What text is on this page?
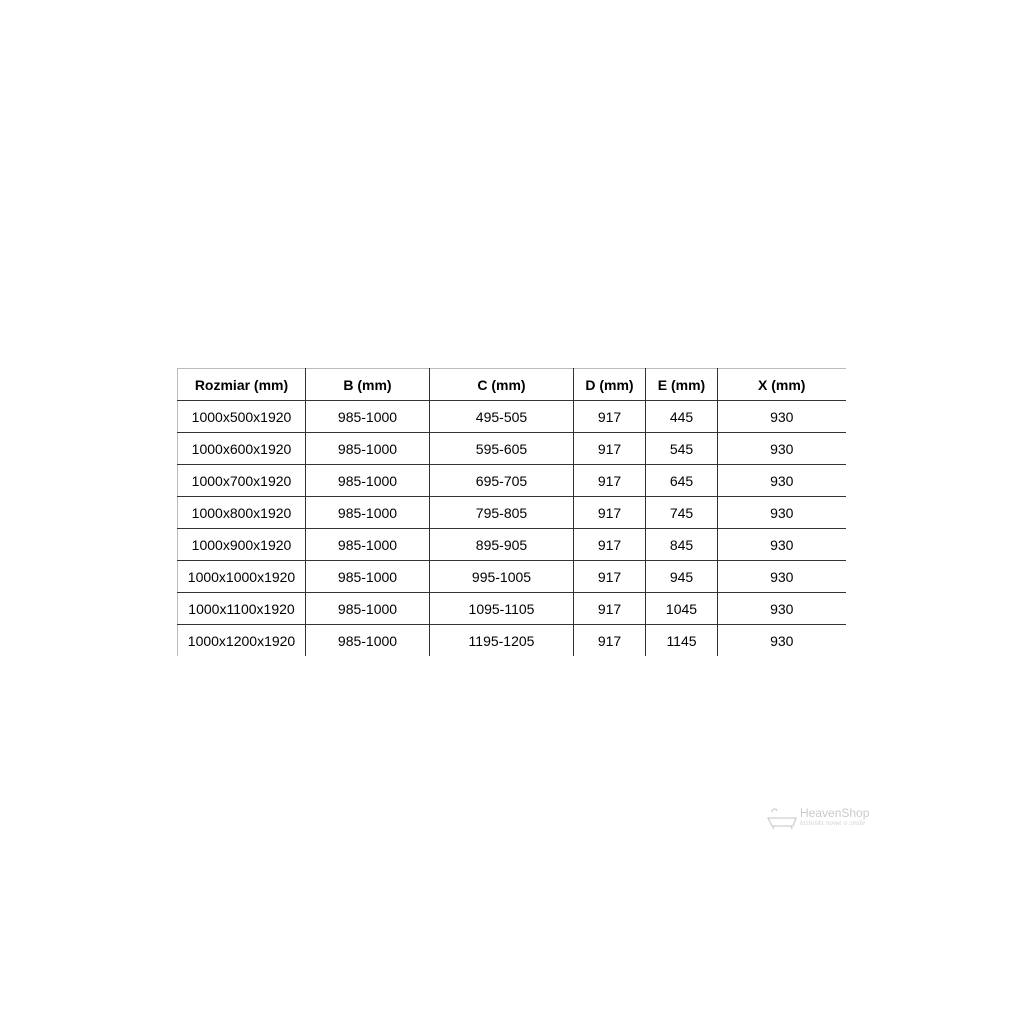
Rozmiar (mm)	B (mm)	C (mm)	D (mm)	E (mm)	X (mm)
1000x500x1920	985-1000	495-505	917	445	930
1000x600x1920	985-1000	595-605	917	545	930
1000x700x1920	985-1000	695-705	917	645	930
1000x800x1920	985-1000	795-805	917	745	930
1000x900x1920	985-1000	895-905	917	845	930
1000x1000x1920	985-1000	995-1005	917	945	930
1000x1100x1920	985-1000	1095-1105	917	1045	930
1000x1200x1920	985-1000	1195-1205	917	1145	930
HeavenShop
łazienki nowe o zmiłe
